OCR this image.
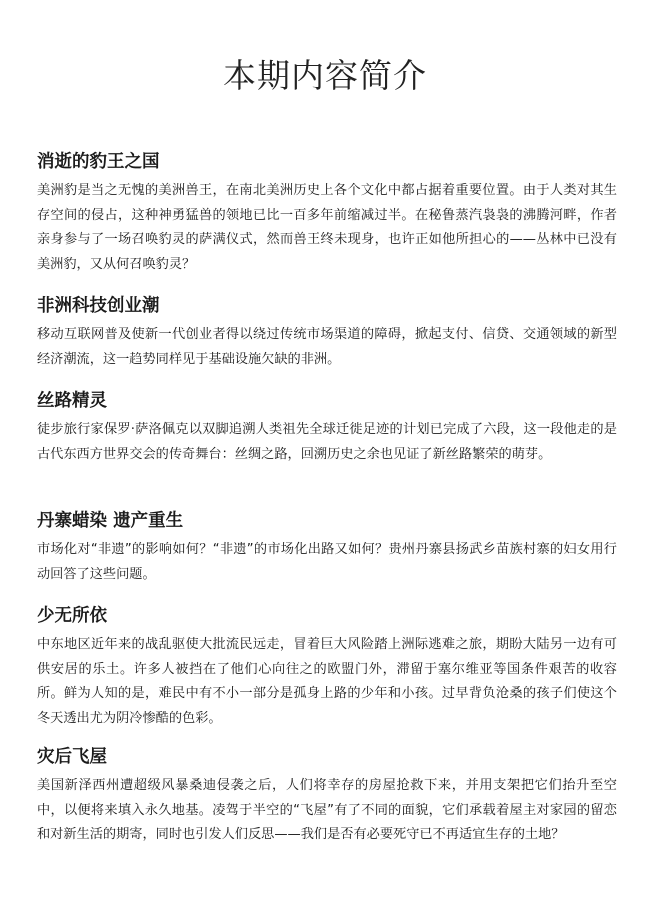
本期内容简介
消逝的豹王之国

美洲豹是当之无愧的美洲兽王，在南北美洲历史上各个文化中都占据着重要位置。由于人类对其生存空间的侵占，这种神勇猛兽的领地已比一百多年前缩减过半。在秘鲁蒸汽袅袅的沸腾河畔，作者亲身参与了一场召唤豹灵的萨满仪式，然而兽王终未现身，也许正如他所担心的——丛林中已没有美洲豹，又从何召唤豹灵？

非洲科技创业潮

移动互联网普及使新一代创业者得以绕过传统市场渠道的障碍，掀起支付、信贷、交通领域的新型经济潮流，这一趋势同样见于基础设施欠缺的非洲。

丝路精灵

徒步旅行家保罗·萨洛佩克以双脚追溯人类祖先全球迁徙足迹的计划已完成了六段，这一段他走的是古代东西方世界交会的传奇舞台：丝绸之路，回溯历史之余也见证了新丝路繁荣的萌芽。

丹寨蜡染 遗产重生

市场化对“非遗”的影响如何？“非遗”的市场化出路又如何？贵州丹寨县扬武乡苗族村寨的妇女用行动回答了这些问题。

少无所依

中东地区近年来的战乱驱使大批流民远走，冒着巨大风险踏上洲际逃难之旅，期盼大陆另一边有可供安居的乐土。许多人被挡在了他们心向往之的欧盟门外，滞留于塞尔维亚等国条件艰苦的收容所。鲜为人知的是，难民中有不小一部分是孤身上路的少年和小孩。过早背负沧桑的孩子们使这个冬天透出尤为阴冷惨酷的色彩。

灾后飞屋

美国新泽西州遭超级风暴桑迪侵袭之后，人们将幸存的房屋抢救下来，并用支架把它们抬升至空中，以便将来填入永久地基。凌驾于半空的“飞屋”有了不同的面貌，它们承载着屋主对家园的留恋和对新生活的期寄，同时也引发人们反思——我们是否有必要死守已不再适宜生存的土地？
